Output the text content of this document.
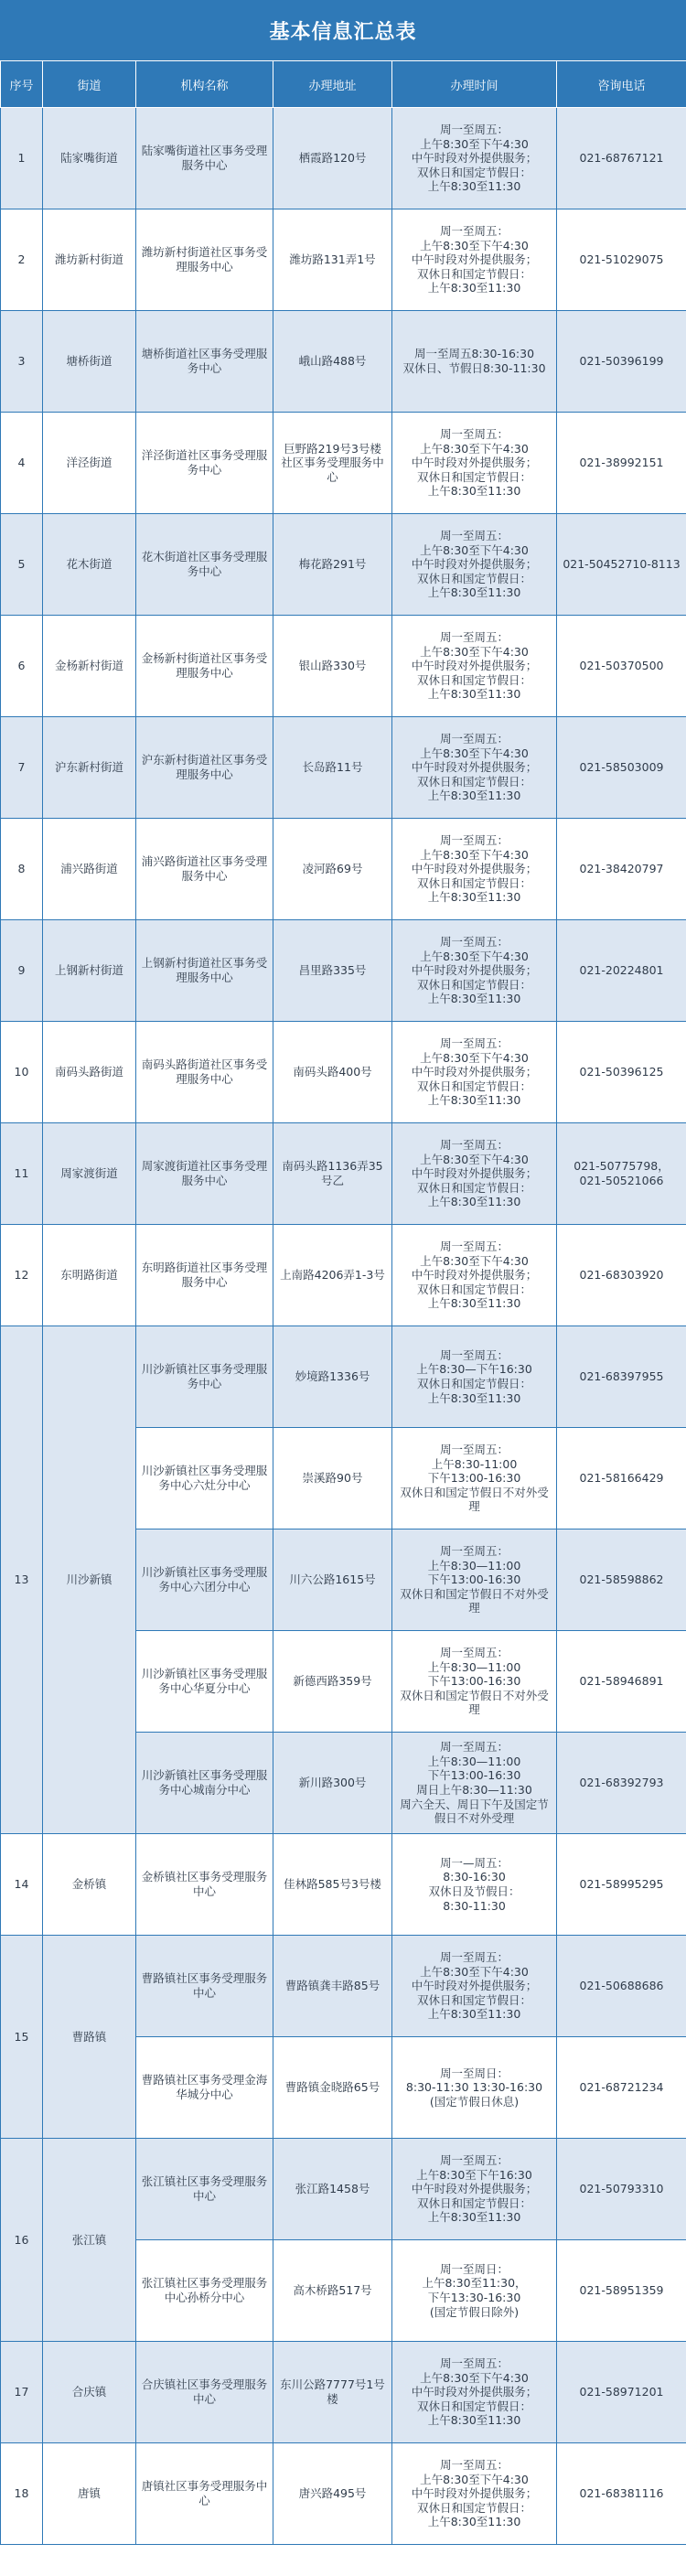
基本信息汇总表
序号	街道	机构名称	办理地址	办理时间	咨询电话
1	陆家嘴街道	陆家嘴街道社区事务受理服务中心	栖霞路120号	周一至周五：
上午8:30至下午4:30
中午时段对外提供服务；
双休日和国定节假日：
上午8:30至11:30	021-68767121
2	潍坊新村街道	潍坊新村街道社区事务受理服务中心	潍坊路131弄1号	周一至周五：
上午8:30至下午4:30
中午时段对外提供服务；
双休日和国定节假日：
上午8:30至11:30	021-51029075
3	塘桥街道	塘桥街道社区事务受理服务中心	峨山路488号	周一至周五8:30-16:30
双休日、节假日8:30-11:30	021-50396199
4	洋泾街道	洋泾街道社区事务受理服务中心	巨野路219号3号楼社区事务受理服务中心	周一至周五：
上午8:30至下午4:30
中午时段对外提供服务；
双休日和国定节假日：
上午8:30至11:30	021-38992151
5	花木街道	花木街道社区事务受理服务中心	梅花路291号	周一至周五：
上午8:30至下午4:30
中午时段对外提供服务；
双休日和国定节假日：
上午8:30至11:30	021-50452710-8113
6	金杨新村街道	金杨新村街道社区事务受理服务中心	银山路330号	周一至周五：
上午8:30至下午4:30
中午时段对外提供服务；
双休日和国定节假日：
上午8:30至11:30	021-50370500
7	沪东新村街道	沪东新村街道社区事务受理服务中心	长岛路11号	周一至周五：
上午8:30至下午4:30
中午时段对外提供服务；
双休日和国定节假日：
上午8:30至11:30	021-58503009
8	浦兴路街道	浦兴路街道社区事务受理服务中心	凌河路69号	周一至周五：
上午8:30至下午4:30
中午时段对外提供服务；
双休日和国定节假日：
上午8:30至11:30	021-38420797
9	上钢新村街道	上钢新村街道社区事务受理服务中心	昌里路335号	周一至周五：
上午8:30至下午4:30
中午时段对外提供服务；
双休日和国定节假日：
上午8:30至11:30	021-20224801
10	南码头路街道	南码头路街道社区事务受理服务中心	南码头路400号	周一至周五：
上午8:30至下午4:30
中午时段对外提供服务；
双休日和国定节假日：
上午8:30至11:30	021-50396125
11	周家渡街道	周家渡街道社区事务受理服务中心	南码头路1136弄35号乙	周一至周五：
上午8:30至下午4:30
中午时段对外提供服务；
双休日和国定节假日：
上午8:30至11:30	021-50775798，
021-50521066
12	东明路街道	东明路街道社区事务受理服务中心	上南路4206弄1-3号	周一至周五：
上午8:30至下午4:30
中午时段对外提供服务；
双休日和国定节假日：
上午8:30至11:30	021-68303920
13	川沙新镇	川沙新镇社区事务受理服务中心	妙境路1336号	周一至周五：
上午8:30—下午16:30
双休日和国定节假日：
上午8:30至11:30	021-68397955
		川沙新镇社区事务受理服务中心六灶分中心	崇溪路90号	周一至周五：
上午8:30-11:00
下午13:00-16:30
双休日和国定节假日不对外受理	021-58166429
		川沙新镇社区事务受理服务中心六团分中心	川六公路1615号	周一至周五：
上午8:30—11:00
下午13:00-16:30
双休日和国定节假日不对外受理	021-58598862
		川沙新镇社区事务受理服务中心华夏分中心	新德西路359号	周一至周五：
上午8:30—11:00
下午13:00-16:30
双休日和国定节假日不对外受理	021-58946891
		川沙新镇社区事务受理服务中心城南分中心	新川路300号	周一至周五：
上午8:30—11:00
下午13:00-16:30
周日上午8:30—11:30
周六全天、周日下午及国定节假日不对外受理	021-68392793
14	金桥镇	金桥镇社区事务受理服务中心	佳林路585号3号楼	周一—周五：
8:30-16:30
双休日及节假日：
8:30-11:30	021-58995295
15	曹路镇	曹路镇社区事务受理服务中心	曹路镇龚丰路85号	周一至周五：
上午8:30至下午4:30
中午时段对外提供服务；
双休日和国定节假日：
上午8:30至11:30	021-50688686
		曹路镇社区事务受理金海华城分中心	曹路镇金晓路65号	周一至周日：
8:30-11:30 13:30-16:30
(国定节假日休息)	021-68721234
16	张江镇	张江镇社区事务受理服务中心	张江路1458号	周一至周五：
上午8:30至下午16:30
中午时段对外提供服务；
双休日和国定节假日：
上午8:30至11:30	021-50793310
		张江镇社区事务受理服务中心孙桥分中心	高木桥路517号	周一至周日：
上午8:30至11:30，
下午13:30-16:30
(国定节假日除外)	021-58951359
17	合庆镇	合庆镇社区事务受理服务中心	东川公路7777号1号楼	周一至周五：
上午8:30至下午4:30
中午时段对外提供服务；
双休日和国定节假日：
上午8:30至11:30	021-58971201
18	唐镇	唐镇社区事务受理服务中心	唐兴路495号	周一至周五：
上午8:30至下午4:30
中午时段对外提供服务；
双休日和国定节假日：
上午8:30至11:30	021-68381116
